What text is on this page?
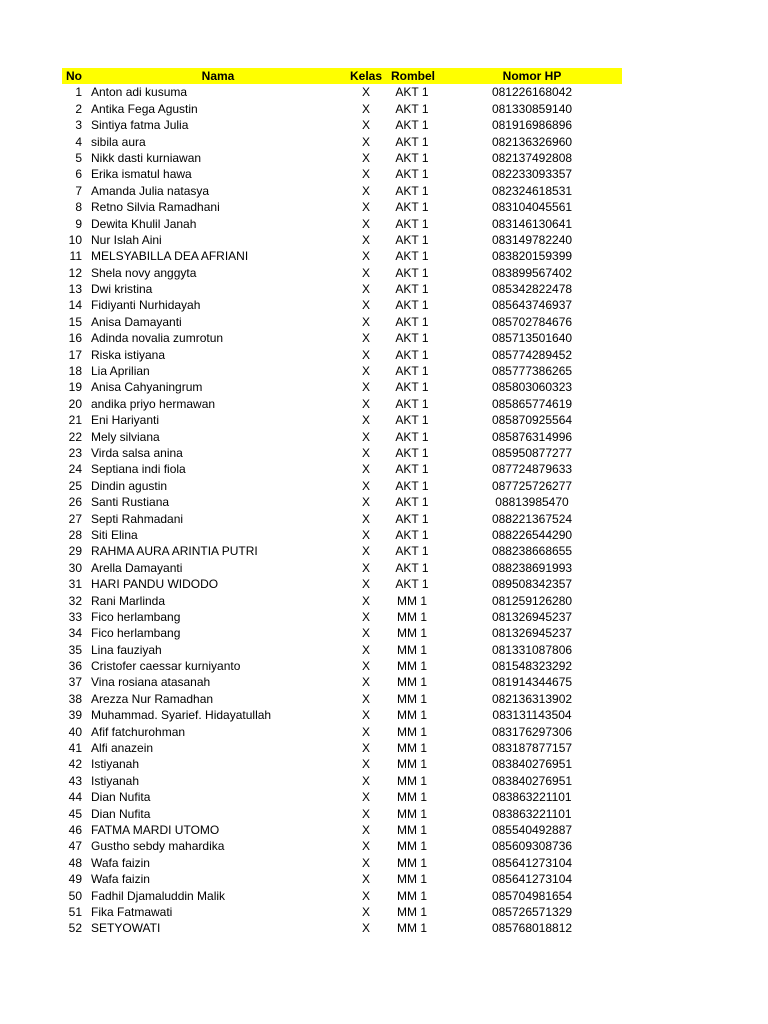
No	Nama	Kelas Rombel	Nomor HP
1 Anton adi kusuma	X	AKT 1	081226168042
2 Antika Fega Agustin	X	AKT 1	081330859140
3 Sintiya fatma Julia	X	AKT 1	081916986896
4 sibila aura	X	AKT 1	082136326960
5 Nikk dasti kurniawan	X	AKT 1	082137492808
6 Erika ismatul hawa	X	AKT 1	082233093357
7 Amanda Julia natasya	X	AKT 1	082324618531
8 Retno Silvia Ramadhani	X	AKT 1	083104045561
9 Dewita Khulil Janah	X	AKT 1	083146130641
10 Nur Islah Aini	X	AKT 1	083149782240
11 MELSYABILLA DEA AFRIANI	X	AKT 1	083820159399
12 Shela novy anggyta	X	AKT 1	083899567402
13 Dwi kristina	X	AKT 1	085342822478
14 Fidiyanti Nurhidayah	X	AKT 1	085643746937
15 Anisa Damayanti	X	AKT 1	085702784676
16 Adinda novalia zumrotun	X	AKT 1	085713501640
17 Riska istiyana	X	AKT 1	085774289452
18 Lia Aprilian	X	AKT 1	085777386265
19 Anisa Cahyaningrum	X	AKT 1	085803060323
20 andika priyo hermawan	X	AKT 1	085865774619
21 Eni Hariyanti	X	AKT 1	085870925564
22 Mely silviana	X	AKT 1	085876314996
23 Virda salsa anina	X	AKT 1	085950877277
24 Septiana indi fiola	X	AKT 1	087724879633
25 Dindin agustin	X	AKT 1	087725726277
26 Santi Rustiana	X	AKT 1	08813985470
27 Septi Rahmadani	X	AKT 1	088221367524
28 Siti Elina	X	AKT 1	088226544290
29 RAHMA AURA ARINTIA PUTRI	X	AKT 1	088238668655
30 Arella Damayanti	X	AKT 1	088238691993
31 HARI PANDU WIDODO	X	AKT 1	089508342357
32 Rani Marlinda	X	MM 1	081259126280
33 Fico herlambang	X	MM 1	081326945237
34 Fico herlambang	X	MM 1	081326945237
35 Lina fauziyah	X	MM 1	081331087806
36 Cristofer caessar kurniyanto	X	MM 1	081548323292
37 Vina rosiana atasanah	X	MM 1	081914344675
38 Arezza Nur Ramadhan	X	MM 1	082136313902
39 Muhammad. Syarief. Hidayatullah	X	MM 1	083131143504
40 Afif fatchurohman	X	MM 1	083176297306
41 Alfi anazein	X	MM 1	083187877157
42 Istiyanah	X	MM 1	083840276951
43 Istiyanah	X	MM 1	083840276951
44 Dian Nufita	X	MM 1	083863221101
45 Dian Nufita	X	MM 1	083863221101
46 FATMA MARDI UTOMO	X	MM 1	085540492887
47 Gustho sebdy mahardika	X	MM 1	085609308736
48 Wafa faizin	X	MM 1	085641273104
49 Wafa faizin	X	MM 1	085641273104
50 Fadhil Djamaluddin Malik	X	MM 1	085704981654
51 Fika Fatmawati	X	MM 1	085726571329
52 SETYOWATI	X	MM 1	085768018812
